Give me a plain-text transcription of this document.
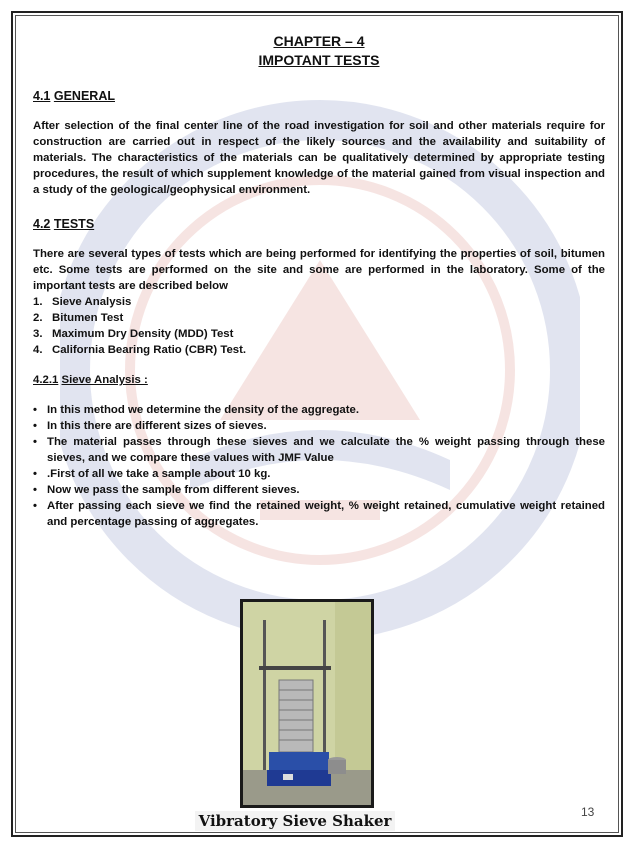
CHAPTER – 4
IMPOTANT TESTS
4.1 GENERAL

After selection of the final center line of the road investigation for soil and other materials require for construction are carried out in respect of the likely sources and the availability and suitability of materials. The characteristics of the materials can be qualitatively determined by appropriate testing procedures, the result of which supplement knowledge of the material gained from visual inspection and a study of the geological/geophysical environment.

4.2 TESTS

There are several types of tests which are being performed for identifying the properties of soil, bitumen etc. Some tests are performed on the site and some are performed in the laboratory. Some of the important tests are described below

1. Sieve Analysis
2. Bitumen Test
3.   Maximum Dry Density (MDD) Test
4. California Bearing Ratio (CBR) Test.
4.2.1 Sieve Analysis :
• In this method we determine the density of the aggregate.
• In this there are different sizes of sieves.
• The material passes through these sieves and we calculate the % weight passing through these sieves, and we compare these values with JMF Value
• .First of all we take a sample about 10 kg.
• Now we pass the sample from different sieves.
• After passing each sieve we find the retained weight, % weight retained, cumulative weight retained and percentage passing of aggregates.
Vibratory Sieve Shaker	13
